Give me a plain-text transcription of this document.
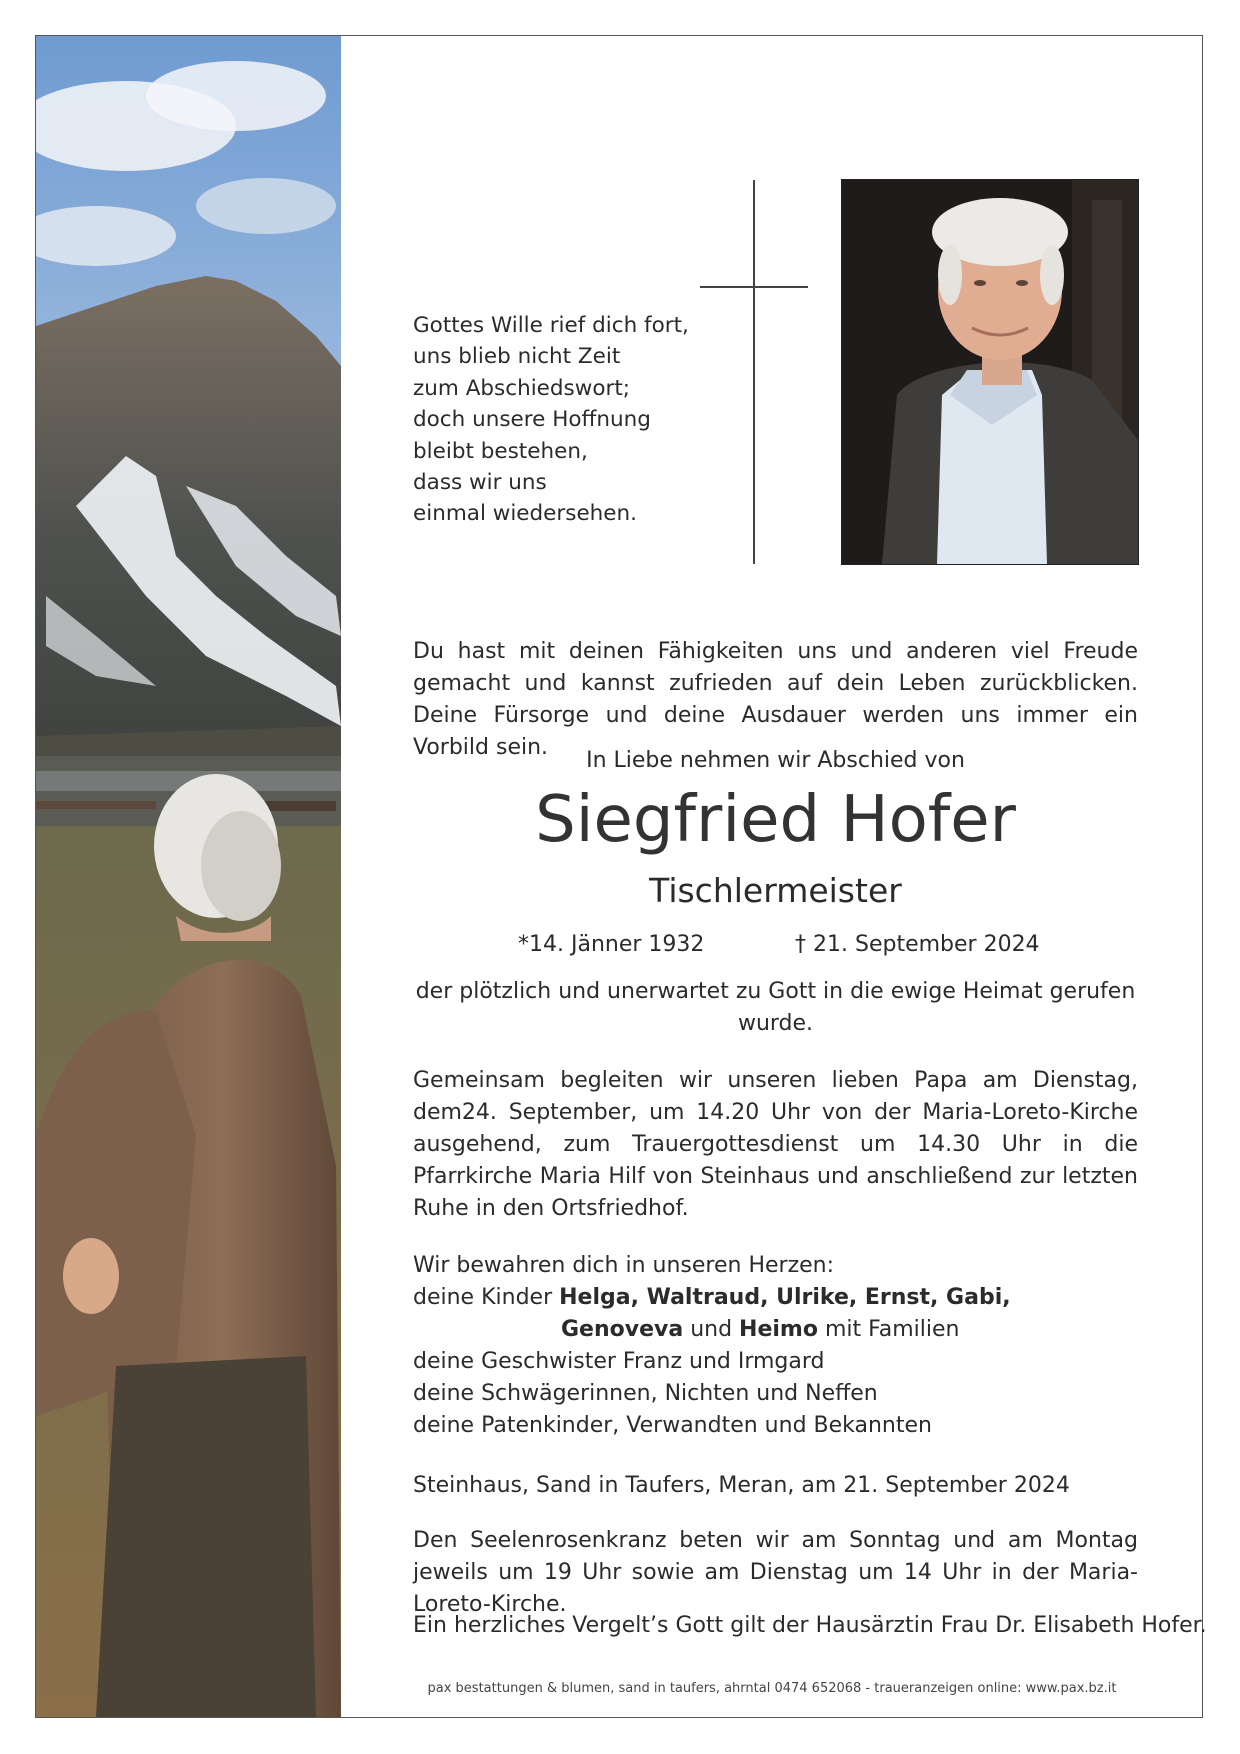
Gottes Wille rief dich fort,
uns blieb nicht Zeit
zum Abschiedswort;
doch unsere Hoffnung
bleibt bestehen,
dass wir uns
einmal wiedersehen.
Du hast mit deinen Fähigkeiten uns und anderen viel Freude gemacht und kannst zufrieden auf dein Leben zurückblicken. Deine Fürsorge und deine Ausdauer werden uns immer ein Vorbild sein.
In Liebe nehmen wir Abschied von
Siegfried Hofer
Tischlermeister
*14. Jänner 1932	† 21. September 2024
der plötzlich und unerwartet zu Gott in die ewige Heimat gerufen wurde.
Gemeinsam begleiten wir unseren lieben Papa am Dienstag, dem24. September, um 14.20 Uhr von der Maria-Loreto-Kirche ausgehend, zum Trauergottesdienst um 14.30 Uhr in die Pfarrkirche Maria Hilf von Steinhaus und anschließend zur letzten Ruhe in den Ortsfriedhof.
Wir bewahren dich in unseren Herzen:
deine Kinder Helga, Waltraud, Ulrike, Ernst, Gabi,
Genoveva und Heimo mit Familien
deine Geschwister Franz und Irmgard
deine Schwägerinnen, Nichten und Neffen
deine Patenkinder, Verwandten und Bekannten
Steinhaus, Sand in Taufers, Meran, am 21. September 2024
Den Seelenrosenkranz beten wir am Sonntag und am Montag jeweils um 19 Uhr sowie am Dienstag um 14 Uhr in der Maria-Loreto-Kirche.
Ein herzliches Vergelt’s Gott gilt der Hausärztin Frau Dr. Elisabeth Hofer.
pax bestattungen & blumen, sand in taufers, ahrntal 0474 652068 - traueranzeigen online: www.pax.bz.it
